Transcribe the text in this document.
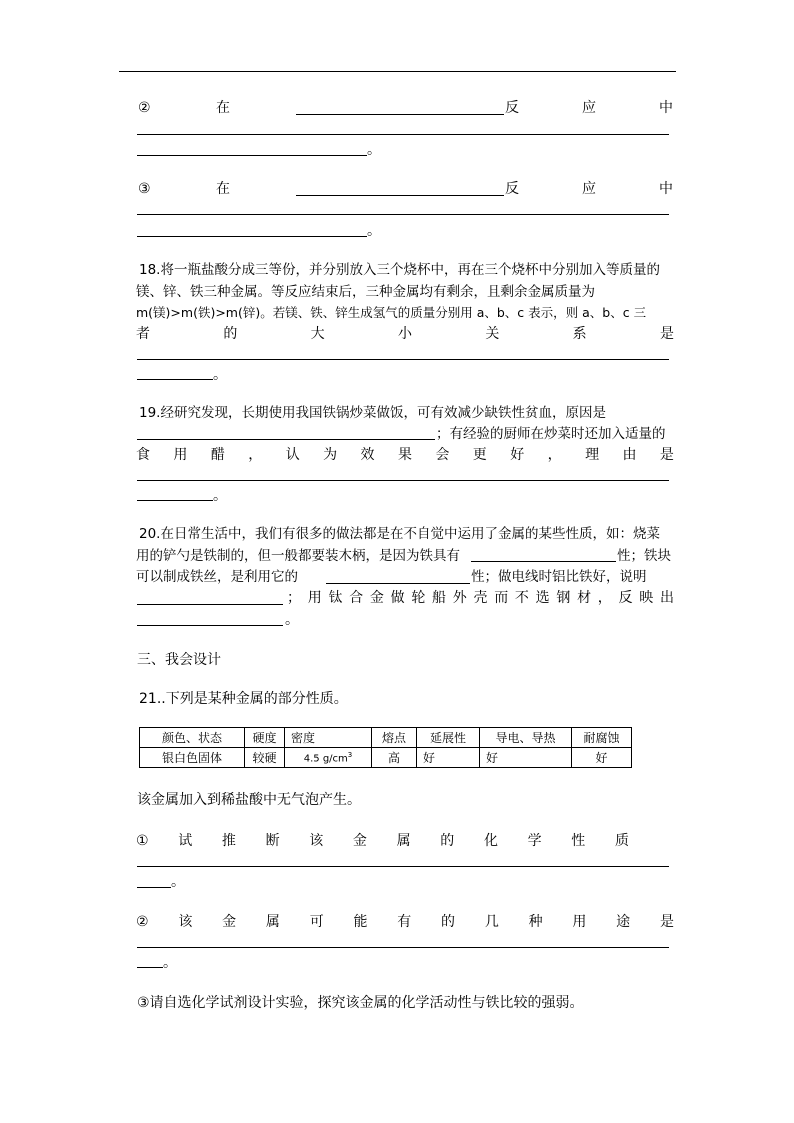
②	在	反	应	中
。
③	在	反	应	中
。
18.将一瓶盐酸分成三等份，并分别放入三个烧杯中，再在三个烧杯中分别加入等质量的
镁、锌、铁三种金属。等反应结束后，三种金属均有剩余，且剩余金属质量为
m(镁)>m(铁)>m(锌)。若镁、铁、锌生成氢气的质量分别用 a、b、c 表示，则 a、b、c 三
者	的	大	小	关	系	是
。
19.经研究发现，长期使用我国铁锅炒菜做饭，可有效减少缺铁性贫血，原因是
；有经验的厨师在炒菜时还加入适量的
食 用 醋 ， 认 为 效 果 会 更 好 ， 理 由 是
。
20.在日常生活中，我们有很多的做法都是在不自觉中运用了金属的某些性质，如：烧菜
用的铲勺是铁制的，但一般都要装木柄，是因为铁具有	性；铁块
可以制成铁丝，是利用它的	性；做电线时铝比铁好，说明
； 用 钛 合 金 做 轮 船 外 壳 而 不 选 钢 材 ， 反 映 出
。
三、我会设计
21..下列是某种金属的部分性质。
颜色、状态	硬度	密度	熔点	延展性	导电、导热	耐腐蚀
银白色固体	较硬	4.5 $g/cm^3$	高	好	好	好
该金属加入到稀盐酸中无气泡产生。
① 试 推 断 该 金 属 的 化 学 性 质
。
② 该 金 属 可 能 有 的 几 种 用 途 是
。
③请自选化学试剂设计实验，探究该金属的化学活动性与铁比较的强弱。
